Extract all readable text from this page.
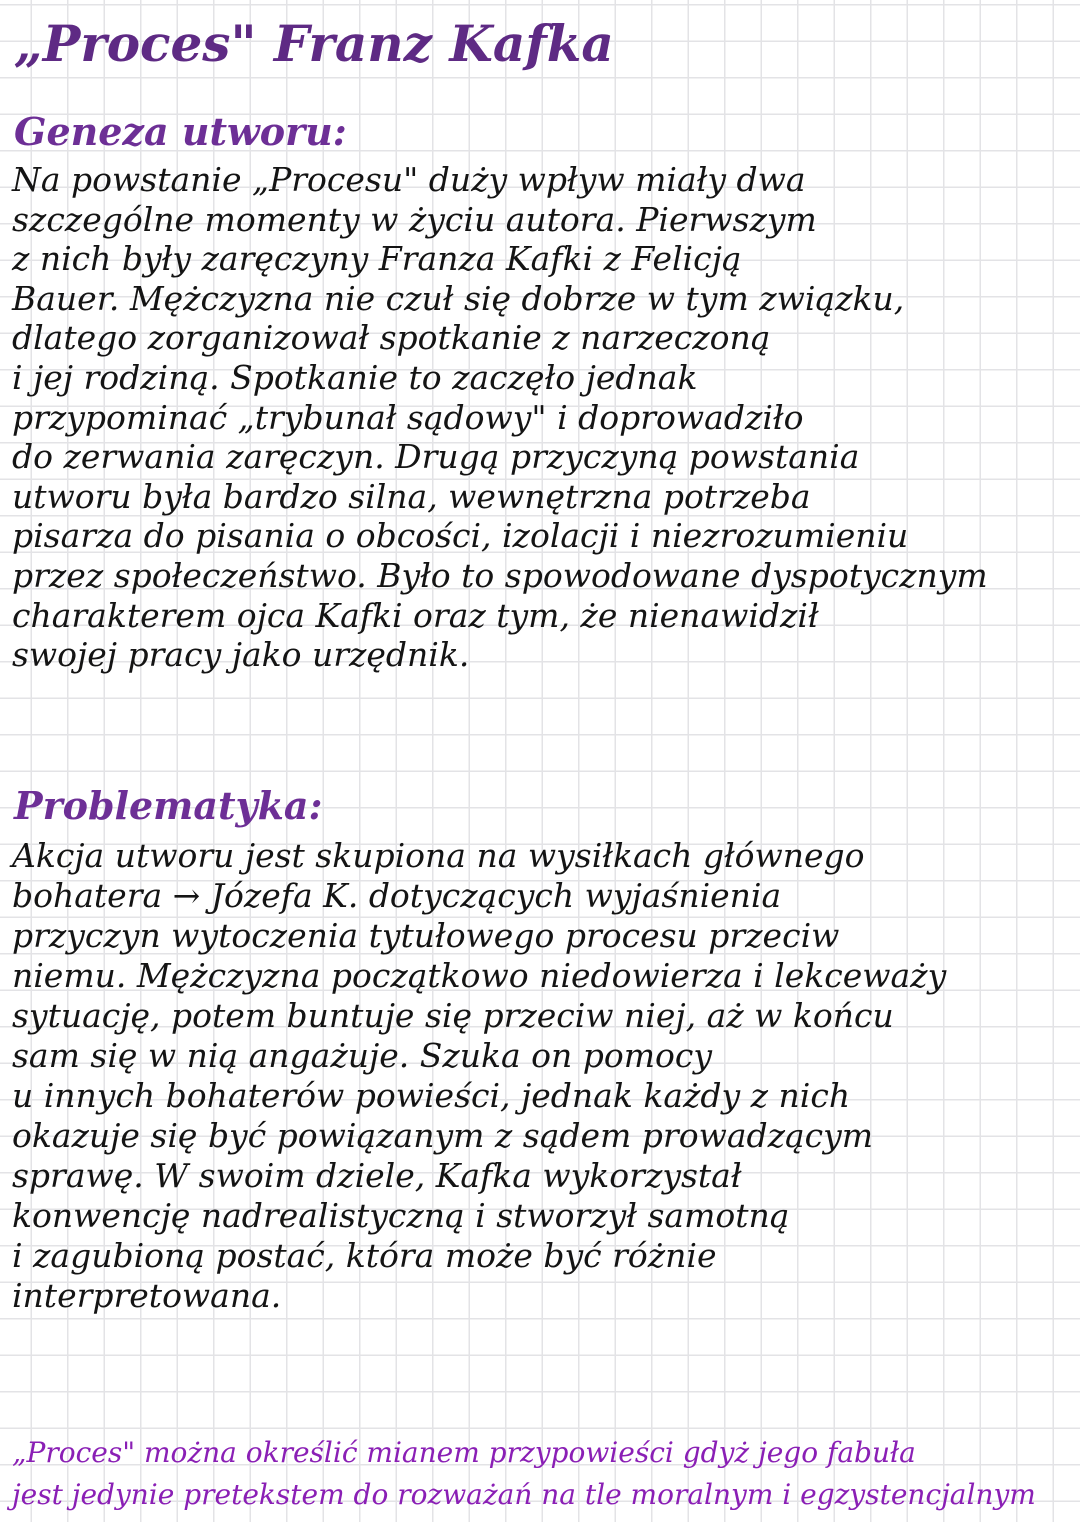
„Proces" Franz Kafka
Geneza utworu:
Na powstanie „Procesu" duży wpływ miały dwa
szczególne momenty w życiu autora. Pierwszym
z nich były zaręczyny Franza Kafki z Felicją
Bauer. Mężczyzna nie czuł się dobrze w tym związku,
dlatego zorganizował spotkanie z narzeczoną
i jej rodziną. Spotkanie to zaczęło jednak
przypominać „trybunał sądowy" i doprowadziło
do zerwania zaręczyn. Drugą przyczyną powstania
utworu była bardzo silna, wewnętrzna potrzeba
pisarza do pisania o obcości, izolacji i niezrozumieniu
przez społeczeństwo. Było to spowodowane dyspotycznym
charakterem ojca Kafki oraz tym, że nienawidził
swojej pracy jako urzędnik.
Problematyka:
Akcja utworu jest skupiona na wysiłkach głównego
bohatera → Józefa K. dotyczących wyjaśnienia
przyczyn wytoczenia tytułowego procesu przeciw
niemu. Mężczyzna początkowo niedowierza i lekceważy
sytuację, potem buntuje się przeciw niej, aż w końcu
sam się w nią angażuje. Szuka on pomocy
u innych bohaterów powieści, jednak każdy z nich
okazuje się być powiązanym z sądem prowadzącym
sprawę. W swoim dziele, Kafka wykorzystał
konwencję nadrealistyczną i stworzył samotną
i zagubioną postać, która może być różnie
interpretowana.
„Proces" można określić mianem przypowieści gdyż jego fabuła
jest jedynie pretekstem do rozważań na tle moralnym i egzystencjalnym
